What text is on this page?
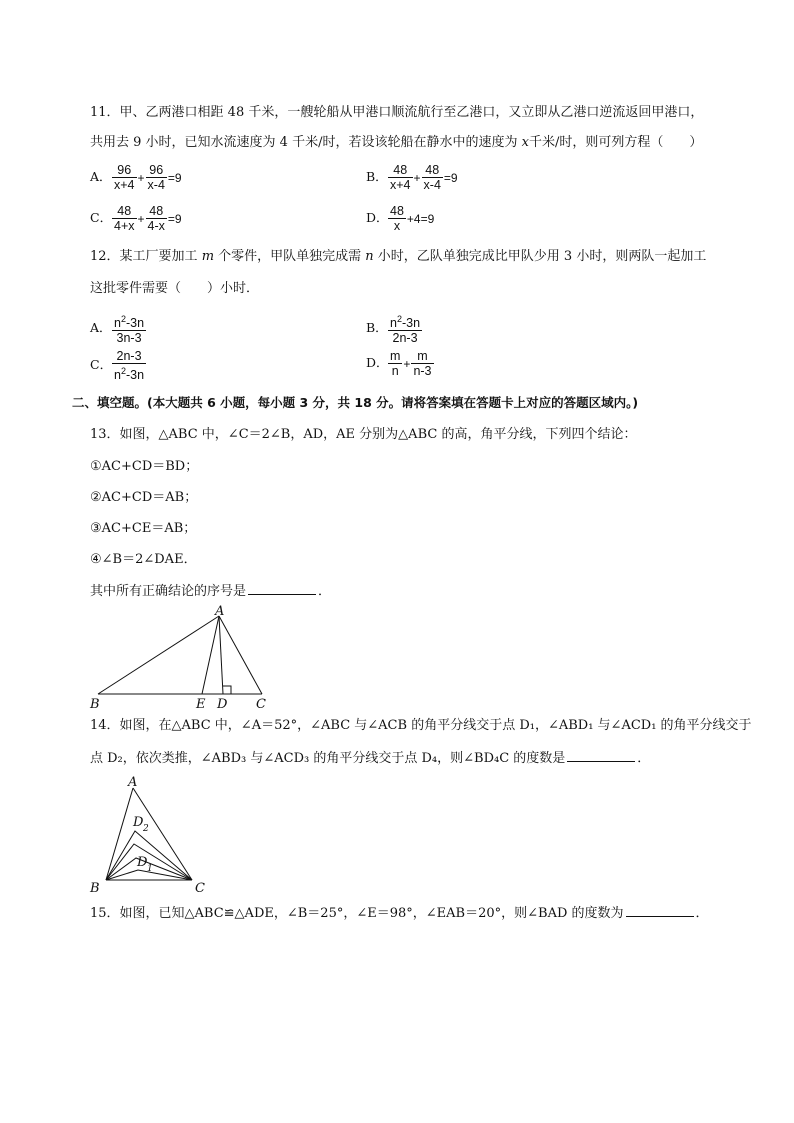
11．甲、乙两港口相距 48 千米，一艘轮船从甲港口顺流航行至乙港口，又立即从乙港口逆流返回甲港口，
共用去 9 小时，已知水流速度为 4 千米/时，若设该轮船在静水中的速度为 x千米/时，则可列方程（　　）
A． $\frac{96}{x+4} + \frac{96}{x-4} =9$	B． $\frac{48}{x+4} + \frac{48}{x-4} =9$
C． $\frac{48}{4+x} + \frac{48}{4-x} =9$	D． $\frac{48}{x} +4=9$
12．某工厂要加工 m 个零件，甲队单独完成需 n 小时，乙队单独完成比甲队少用 3 小时，则两队一起加工
这批零件需要（　　）小时．
A． $\frac{n^2-3n}{3n-3}$	B． $\frac{n^2-3n}{2n-3}$
C． $\frac{2n-3}{n^2-3n}$	D． $\frac{m}{n} + \frac{m}{n-3}$
二、填空题。(本大题共 6 小题，每小题 3 分，共 18 分。请将答案填在答题卡上对应的答题区域内。)
13．如图，△ABC 中，∠C＝2∠B，AD，AE 分别为△ABC 的高，角平分线，下列四个结论：
①AC+CD＝BD；
②AC+CD＝AB；
③AC+CE＝AB；
④∠B＝2∠DAE．
其中所有正确结论的序号是	．
A
B	E D C
14．如图，在△ABC 中，∠A＝52°，∠ABC 与∠ACB 的角平分线交于点 D₁，∠ABD₁ 与∠ACD₁ 的角平分线交于
点 D₂，依次类推，∠ABD₃ 与∠ACD₃ 的角平分线交于点 D₄，则∠BD₄C 的度数是	．
A
D 2
D 1
B	C
15．如图，已知△ABC≌△ADE，∠B＝25°，∠E＝98°，∠EAB＝20°，则∠BAD 的度数为	．
